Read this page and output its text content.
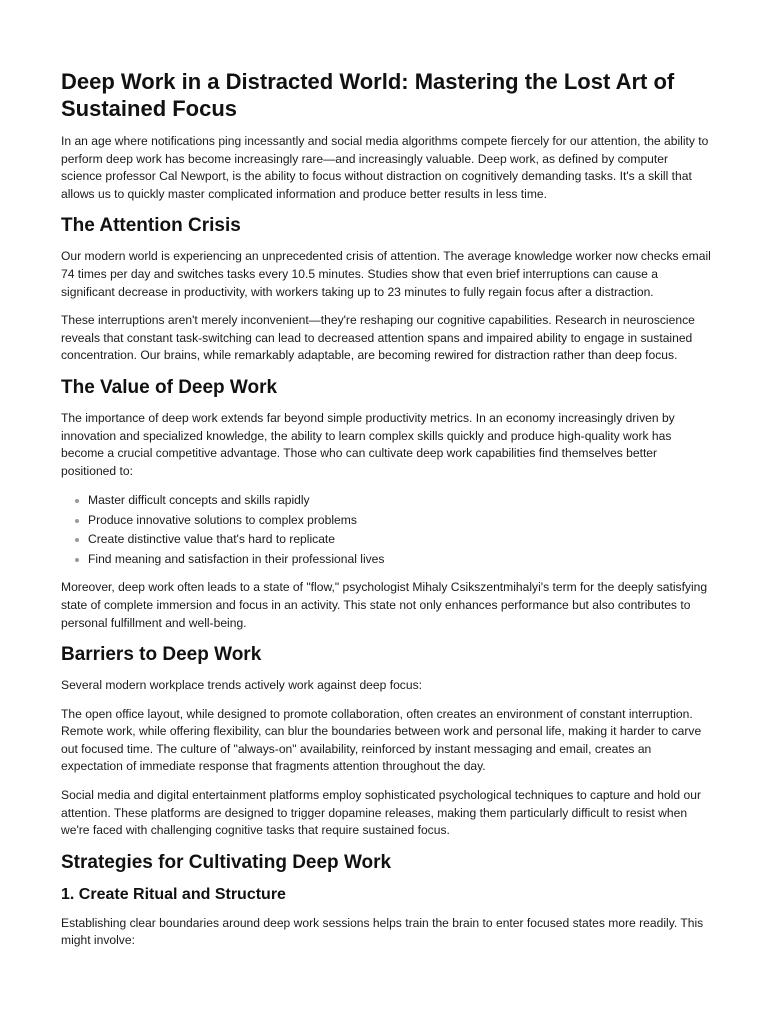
Deep Work in a Distracted World: Mastering the Lost Art of Sustained Focus

In an age where notifications ping incessantly and social media algorithms compete fiercely for our attention, the ability to perform deep work has become increasingly rare—and increasingly valuable. Deep work, as defined by computer science professor Cal Newport, is the ability to focus without distraction on cognitively demanding tasks. It's a skill that allows us to quickly master complicated information and produce better results in less time.

The Attention Crisis

Our modern world is experiencing an unprecedented crisis of attention. The average knowledge worker now checks email 74 times per day and switches tasks every 10.5 minutes. Studies show that even brief interruptions can cause a significant decrease in productivity, with workers taking up to 23 minutes to fully regain focus after a distraction.

These interruptions aren't merely inconvenient—they're reshaping our cognitive capabilities. Research in neuroscience reveals that constant task-switching can lead to decreased attention spans and impaired ability to engage in sustained concentration. Our brains, while remarkably adaptable, are becoming rewired for distraction rather than deep focus.

The Value of Deep Work

The importance of deep work extends far beyond simple productivity metrics. In an economy increasingly driven by innovation and specialized knowledge, the ability to learn complex skills quickly and produce high-quality work has become a crucial competitive advantage. Those who can cultivate deep work capabilities find themselves better positioned to:

Master difficult concepts and skills rapidly
Produce innovative solutions to complex problems
Create distinctive value that's hard to replicate
Find meaning and satisfaction in their professional lives

Moreover, deep work often leads to a state of "flow," psychologist Mihaly Csikszentmihalyi's term for the deeply satisfying state of complete immersion and focus in an activity. This state not only enhances performance but also contributes to personal fulfillment and well-being.

Barriers to Deep Work

Several modern workplace trends actively work against deep focus:

The open office layout, while designed to promote collaboration, often creates an environment of constant interruption. Remote work, while offering flexibility, can blur the boundaries between work and personal life, making it harder to carve out focused time. The culture of "always-on" availability, reinforced by instant messaging and email, creates an expectation of immediate response that fragments attention throughout the day.

Social media and digital entertainment platforms employ sophisticated psychological techniques to capture and hold our attention. These platforms are designed to trigger dopamine releases, making them particularly difficult to resist when we're faced with challenging cognitive tasks that require sustained focus.

Strategies for Cultivating Deep Work
1. Create Ritual and Structure

Establishing clear boundaries around deep work sessions helps train the brain to enter focused states more readily. This might involve:
